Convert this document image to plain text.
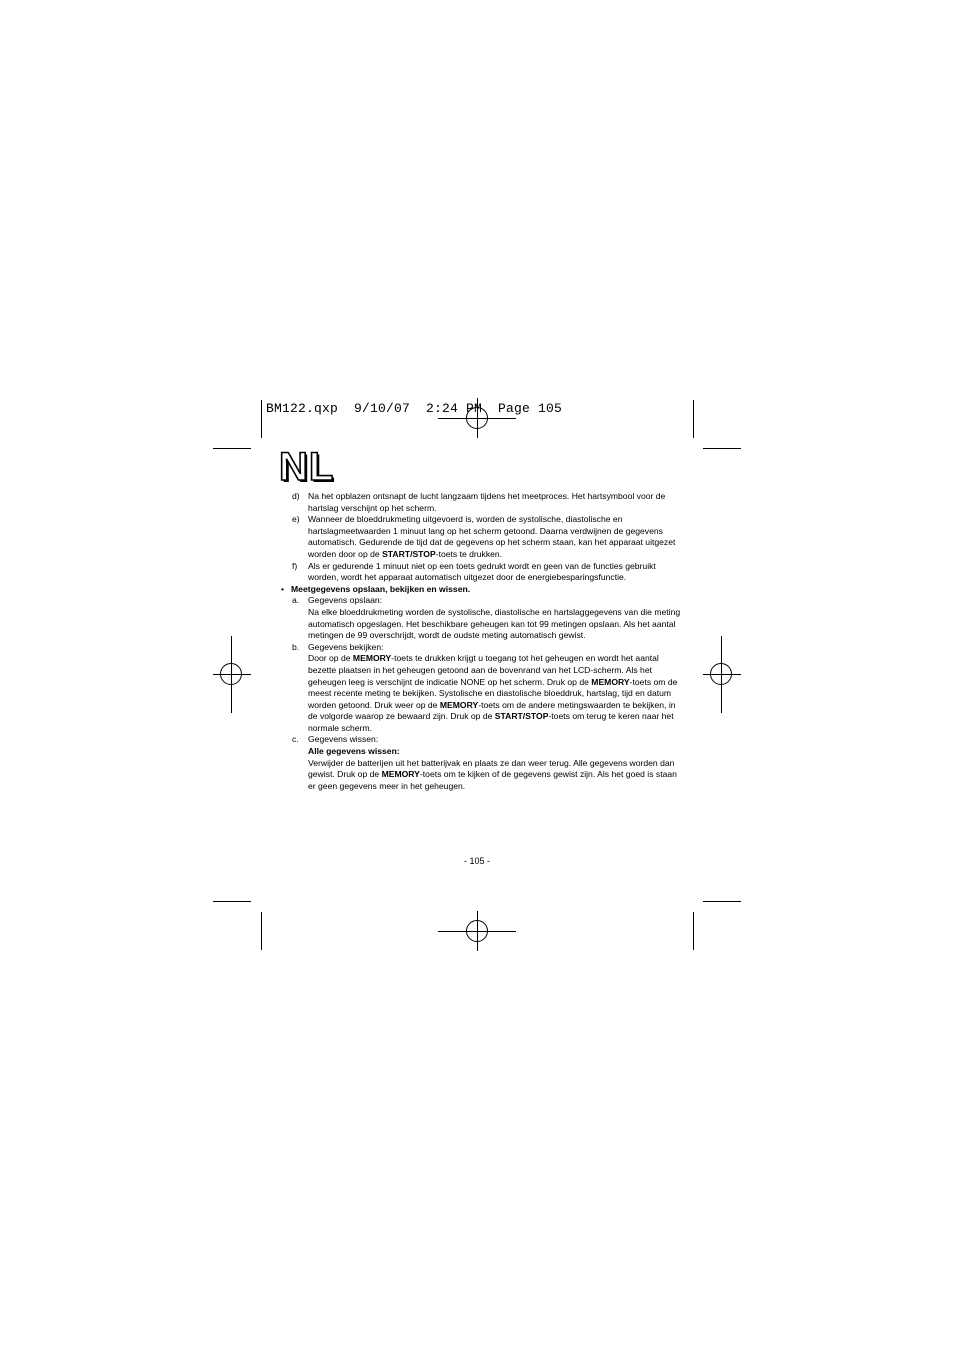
BM122.qxp  9/10/07  2:24 PM  Page 105
NL
d) Na het opblazen ontsnapt de lucht langzaam tijdens het meetproces. Het hartsymbool voor de hartslag verschijnt op het scherm.
e) Wanneer de bloeddrukmeting uitgevoerd is, worden de systolische, diastolische en hartslagmeetwaarden 1 minuut lang op het scherm getoond. Daarna verdwijnen de gegevens automatisch. Gedurende de tijd dat de gegevens op het scherm staan, kan het apparaat uitgezet worden door op de START/STOP-toets te drukken.
f) Als er gedurende 1 minuut niet op een toets gedrukt wordt en geen van de functies gebruikt worden, wordt het apparaat automatisch uitgezet door de energiebesparingsfunctie.
• Meetgegevens opslaan, bekijken en wissen.
a. Gegevens opslaan:
Na elke bloeddrukmeting worden de systolische, diastolische en hartslaggegevens van die meting automatisch opgeslagen. Het beschikbare geheugen kan tot 99 metingen opslaan. Als het aantal metingen de 99 overschrijdt, wordt de oudste meting automatisch gewist.
b. Gegevens bekijken:
Door op de MEMORY-toets te drukken krijgt u toegang tot het geheugen en wordt het aantal bezette plaatsen in het geheugen getoond aan de bovenrand van het LCD-scherm. Als het geheugen leeg is verschijnt de indicatie NONE op het scherm. Druk op de MEMORY-toets om de meest recente meting te bekijken. Systolische en diastolische bloeddruk, hartslag, tijd en datum worden getoond. Druk weer op de MEMORY-toets om de andere metingswaarden te bekijken, in de volgorde waarop ze bewaard zijn. Druk op de START/STOP-toets om terug te keren naar het normale scherm.
c. Gegevens wissen:
Alle gegevens wissen:
Verwijder de batterijen uit het batterijvak en plaats ze dan weer terug. Alle gegevens worden dan gewist. Druk op de MEMORY-toets om te kijken of de gegevens gewist zijn. Als het goed is staan er geen gegevens meer in het geheugen.
- 105 -
